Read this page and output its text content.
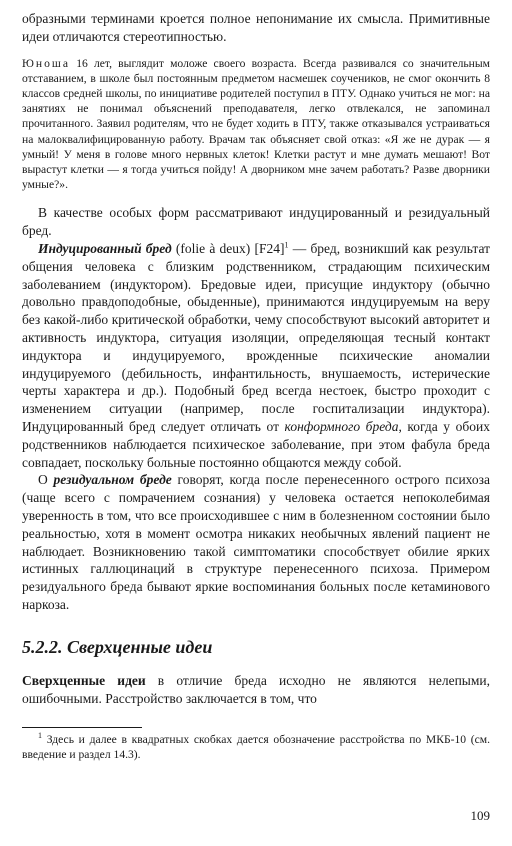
образными терминами кроется полное непонимание их смысла. Примитивные идеи отличаются стереотипностью.

Юноша 16 лет, выглядит моложе своего возраста. Всегда развивался со значительным отставанием, в школе был постоянным предметом насмешек соучеников, не смог окончить 8 классов средней школы, по инициативе родителей поступил в ПТУ. Однако учиться не мог: на занятиях не понимал объяснений преподавателя, легко отвлекался, не запоминал прочитанного. Заявил родителям, что не будет ходить в ПТУ, также отказывался устраиваться на малоквалифицированную работу. Врачам так объясняет свой отказ: «Я же не дурак — я умный! У меня в голове много нервных клеток! Клетки растут и мне думать мешают! Вот вырастут клетки — я тогда учиться пойду! А дворником мне зачем работать? Разве дворники умные?».

В качестве особых форм рассматривают индуцированный и резидуальный бред.

Индуцированный бред (folie à deux) $[F24]^1$ — бред, возникший как результат общения человека с близким родственником, страдающим психическим заболеванием (индуктором). Бредовые идеи, присущие индуктору (обычно довольно правдоподобные, обыденные), принимаются индуцируемым на веру без какой-либо критической обработки, чему способствуют высокий авторитет и активность индуктора, ситуация изоляции, определяющая тесный контакт индуктора и индуцируемого, врожденные психические аномалии индуцируемого (дебильность, инфантильность, внушаемость, истерические черты характера и др.). Подобный бред всегда нестоек, быстро проходит с изменением ситуации (например, после госпитализации индуктора). Индуцированный бред следует отличать от конформного бреда, когда у обоих родственников наблюдается психическое заболевание, при этом фабула бреда совпадает, поскольку больные постоянно общаются между собой.

О резидуальном бреде говорят, когда после перенесенного острого психоза (чаще всего с помрачением сознания) у человека остается непоколебимая уверенность в том, что все происходившее с ним в болезненном состоянии было реальностью, хотя в момент осмотра никаких необычных явлений пациент не наблюдает. Возникновению такой симптоматики способствует обилие ярких истинных галлюцинаций в структуре перенесенного психоза. Примером резидуального бреда бывают яркие воспоминания больных после кетаминового наркоза.

5.2.2. Сверхценные идеи

Сверхценные идеи в отличие бреда исходно не являются нелепыми, ошибочными. Расстройство заключается в том, что

$^1$ Здесь и далее в квадратных скобках дается обозначение расстройства по МКБ-10 (см. введение и раздел 14.3).

109
